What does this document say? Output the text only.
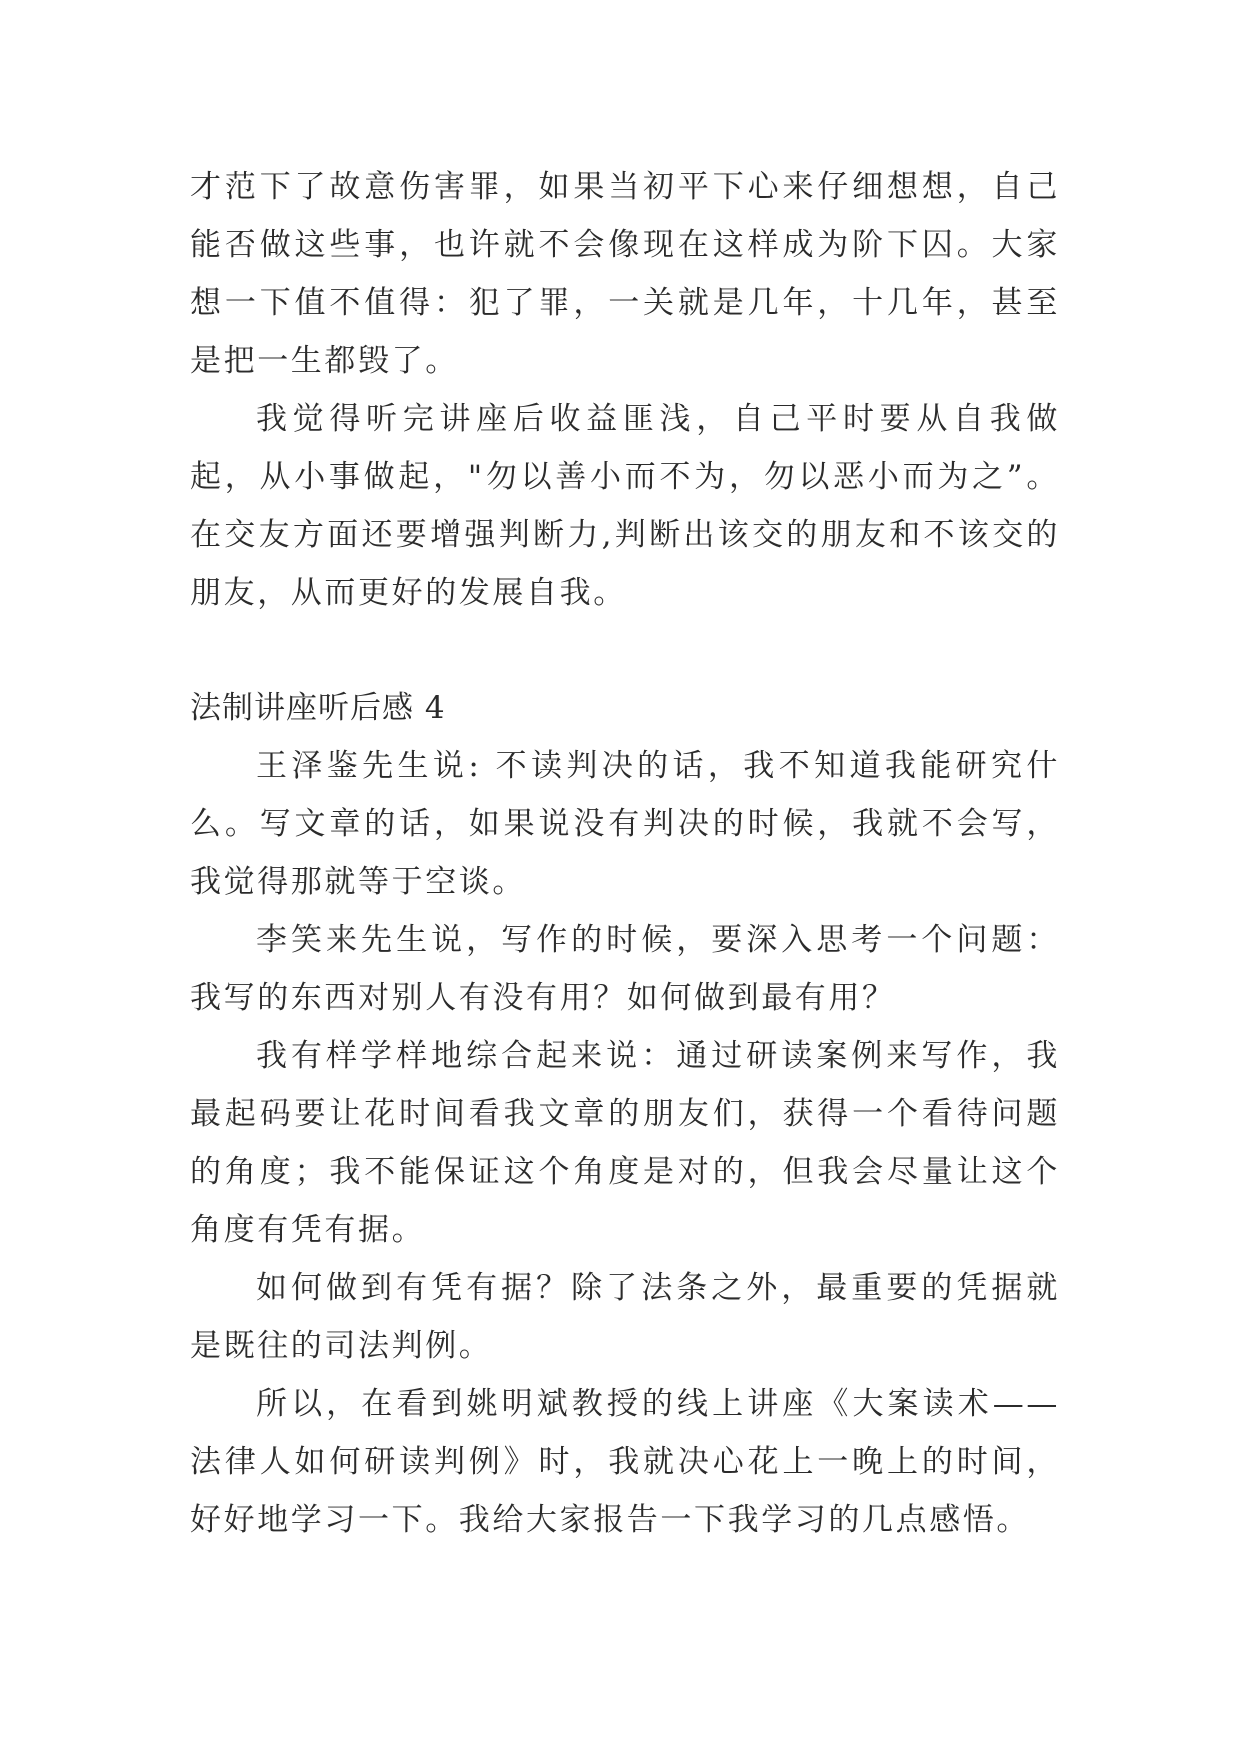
才范下了故意伤害罪，如果当初平下心来仔细想想，自己能否做这些事，也许就不会像现在这样成为阶下囚。大家想一下值不值得：犯了罪，一关就是几年，十几年，甚至是把一生都毁了。

我觉得听完讲座后收益匪浅，自己平时要从自我做起，从小事做起，"勿以善小而不为，勿以恶小而为之”。 在交友方面还要增强判断力,判断出该交的朋友和不该交的朋友，从而更好的发展自我。

法制讲座听后感 4

王泽鉴先生说: 不读判决的话，我不知道我能研究什么。写文章的话，如果说没有判决的时候，我就不会写，我觉得那就等于空谈。

李笑来先生说，写作的时候，要深入思考一个问题：我写的东西对别人有没有用？如何做到最有用？

我有样学样地综合起来说：通过研读案例来写作，我最起码要让花时间看我文章的朋友们，获得一个看待问题的角度；我不能保证这个角度是对的，但我会尽量让这个角度有凭有据。

如何做到有凭有据？除了法条之外，最重要的凭据就是既往的司法判例。

所以，在看到姚明斌教授的线上讲座《大案读术——法律人如何研读判例》时，我就决心花上一晚上的时间，好好地学习一下。我给大家报告一下我学习的几点感悟。
